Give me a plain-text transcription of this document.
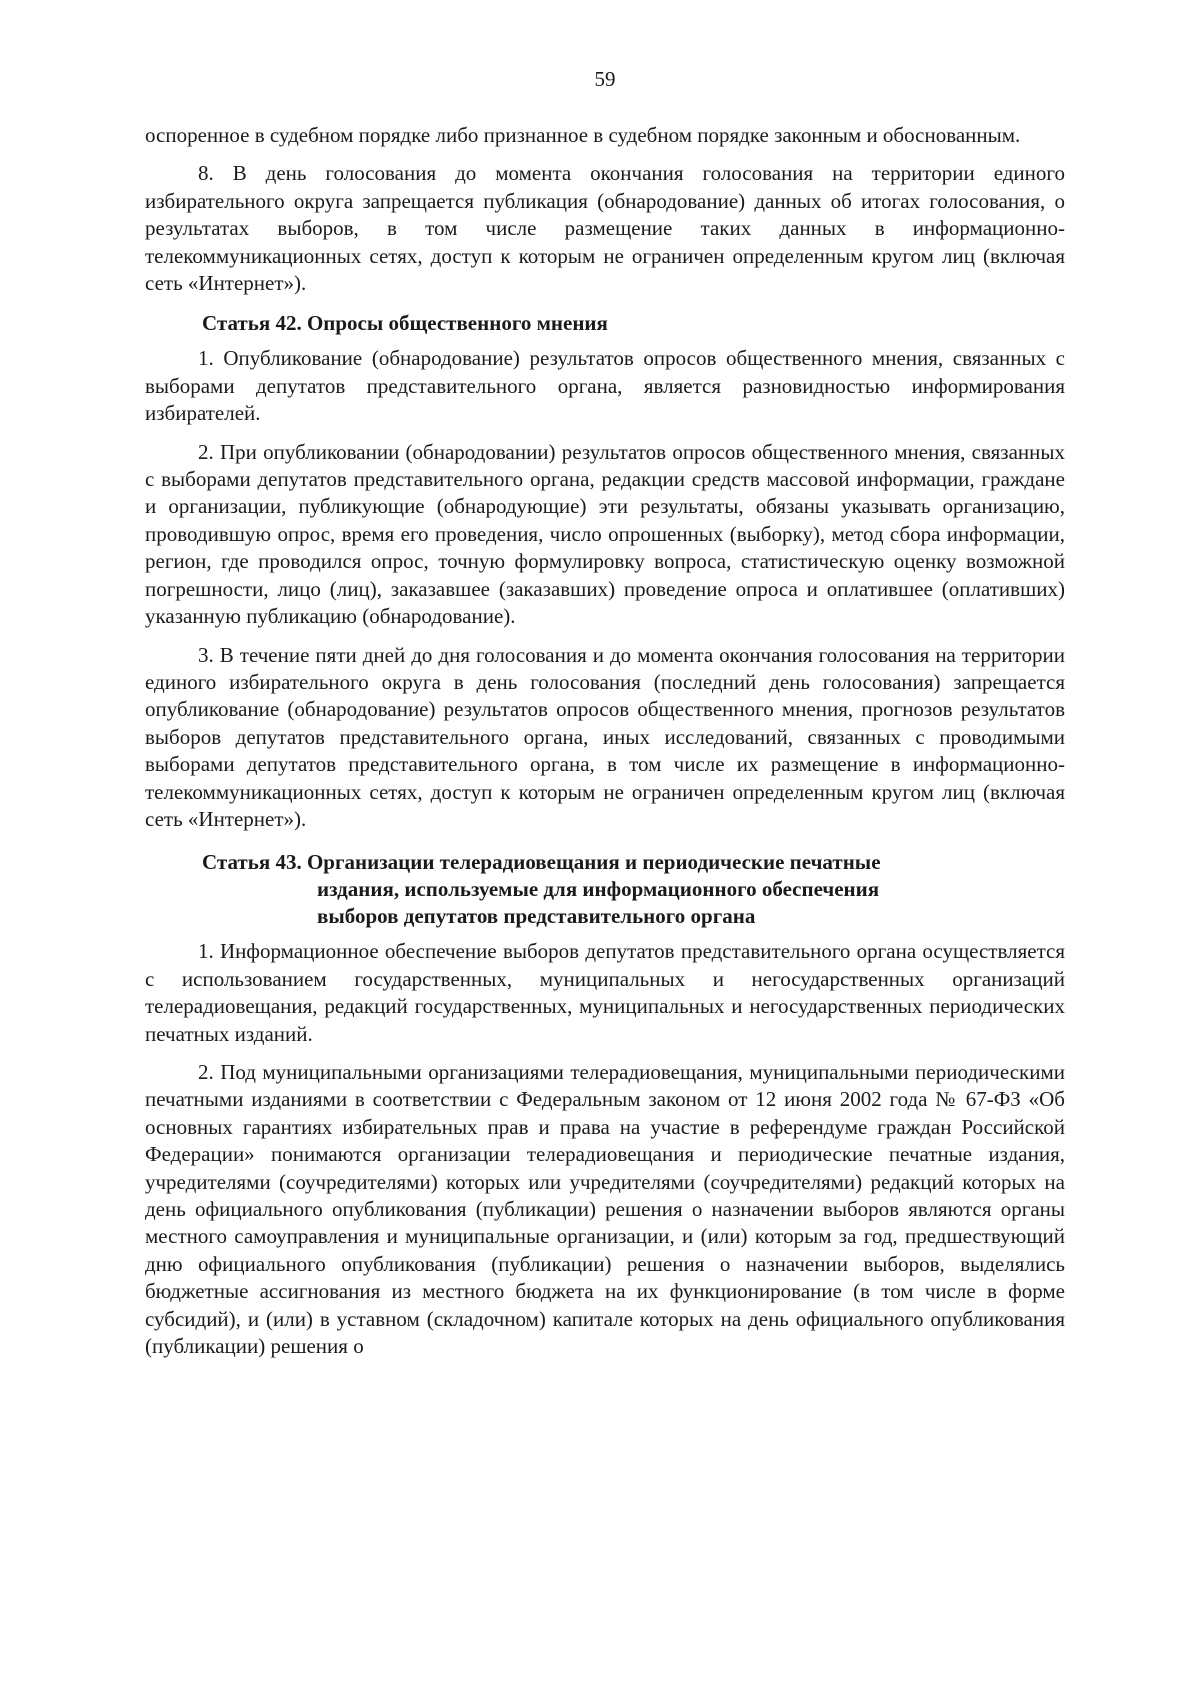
59

оспоренное в судебном порядке либо признанное в судебном порядке законным и обоснованным.

8. В день голосования до момента окончания голосования на территории единого избирательного округа запрещается публикация (обнародование) данных об итогах голосования, о результатах выборов, в том числе размещение таких данных в информационно-телекоммуникационных сетях, доступ к которым не ограничен определенным кругом лиц (включая сеть «Интернет»).

Статья 42. Опросы общественного мнения

1. Опубликование (обнародование) результатов опросов общественного мнения, связанных с выборами депутатов представительного органа, является разновидностью информирования избирателей.

2. При опубликовании (обнародовании) результатов опросов общественного мнения, связанных с выборами депутатов представительного органа, редакции средств массовой информации, граждане и организации, публикующие (обнародующие) эти результаты, обязаны указывать организацию, проводившую опрос, время его проведения, число опрошенных (выборку), метод сбора информации, регион, где проводился опрос, точную формулировку вопроса, статистическую оценку возможной погрешности, лицо (лиц), заказавшее (заказавших) проведение опроса и оплатившее (оплативших) указанную публикацию (обнародование).

3. В течение пяти дней до дня голосования и до момента окончания голосования на территории единого избирательного округа в день голосования (последний день голосования) запрещается опубликование (обнародование) результатов опросов общественного мнения, прогнозов результатов выборов депутатов представительного органа, иных исследований, связанных с проводимыми выборами депутатов представительного органа, в том числе их размещение в информационно-телекоммуникационных сетях, доступ к которым не ограничен определенным кругом лиц (включая сеть «Интернет»).

Статья 43. Организации телерадиовещания и периодические печатные
издания, используемые для информационного обеспечения
выборов депутатов представительного органа

1. Информационное обеспечение выборов депутатов представительного органа осуществляется с использованием государственных, муниципальных и негосударственных организаций телерадиовещания, редакций государственных, муниципальных и негосударственных периодических печатных изданий.

2. Под муниципальными организациями телерадиовещания, муниципальными периодическими печатными изданиями в соответствии с Федеральным законом от 12 июня 2002 года № 67-ФЗ «Об основных гарантиях избирательных прав и права на участие в референдуме граждан Российской Федерации» понимаются организации телерадиовещания и периодические печатные издания, учредителями (соучредителями) которых или учредителями (соучредителями) редакций которых на день официального опубликования (публикации) решения о назначении выборов являются органы местного самоуправления и муниципальные организации, и (или) которым за год, предшествующий дню официального опубликования (публикации) решения о назначении выборов, выделялись бюджетные ассигнования из местного бюджета на их функционирование (в том числе в форме субсидий), и (или) в уставном (складочном) капитале которых на день официального опубликования (публикации) решения о
